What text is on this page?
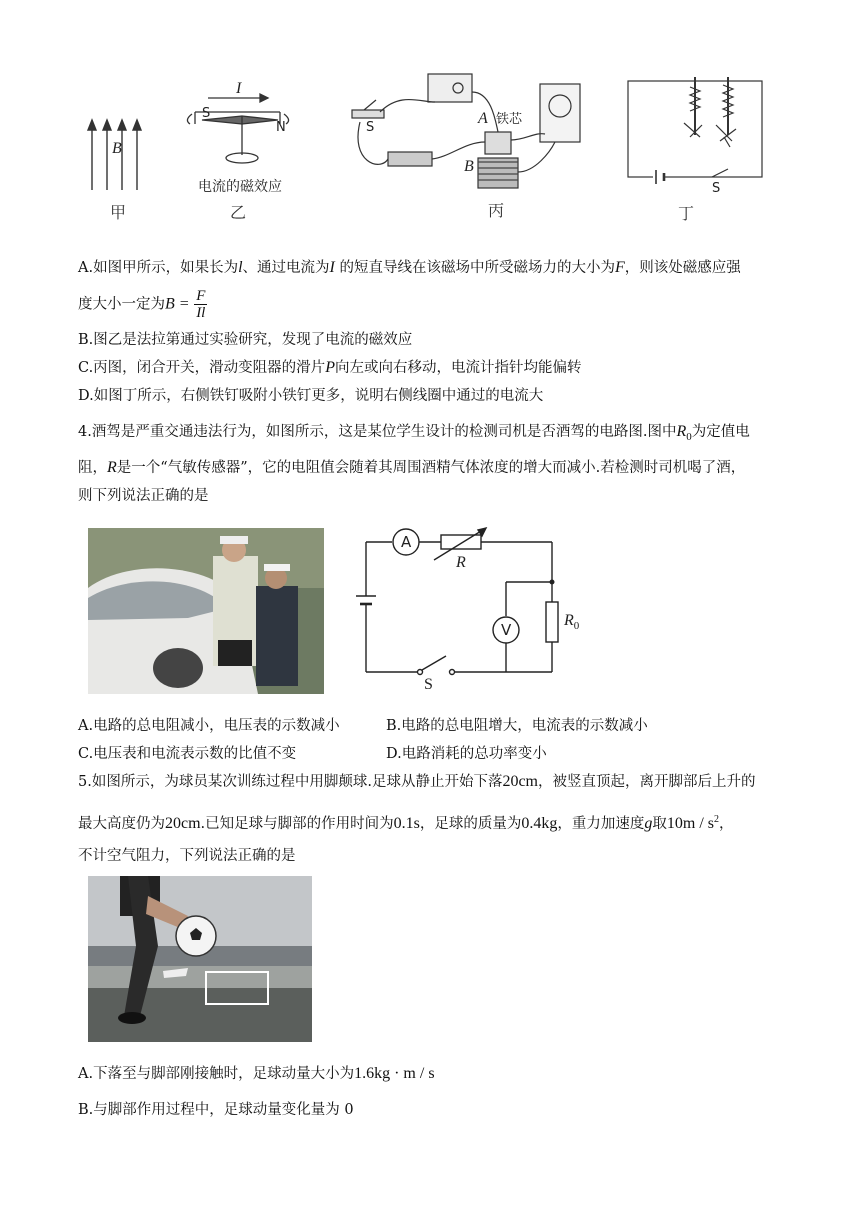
B
甲
I
S
N
电流的磁效应
乙
S
A 铁芯
B
丙
S
丁
A.如图甲所示，如果长为l、通过电流为I 的短直导线在该磁场中所受磁场力的大小为F，则该处磁感应强
度大小一定为$B = \frac{F}{Il}$
B.图乙是法拉第通过实验研究，发现了电流的磁效应
C.丙图，闭合开关，滑动变阻器的滑片P向左或向右移动，电流计指针均能偏转
D.如图丁所示，右侧铁钉吸附小铁钉更多，说明右侧线圈中通过的电流大
4.酒驾是严重交通违法行为，如图所示，这是某位学生设计的检测司机是否酒驾的电路图.图中$R_0$为定值电
阻，R是一个“气敏传感器”，它的电阻值会随着其周围酒精气体浓度的增大而减小.若检测时司机喝了酒，
则下列说法正确的是
A
R
V
$R_0$
S
A.电路的总电阻减小，电压表的示数减小	B.电路的总电阻增大，电流表的示数减小
C.电压表和电流表示数的比值不变	D.电路消耗的总功率变小
5.如图所示，为球员某次训练过程中用脚颠球.足球从静止开始下落20cm，被竖直顶起，离开脚部后上升的
最大高度仍为20cm.已知足球与脚部的作用时间为0.1s，足球的质量为0.4kg，重力加速度g取$10m / s^2$，
不计空气阻力，下列说法正确的是
A.下落至与脚部刚接触时，足球动量大小为1.6kg · m / s
B.与脚部作用过程中，足球动量变化量为 0
